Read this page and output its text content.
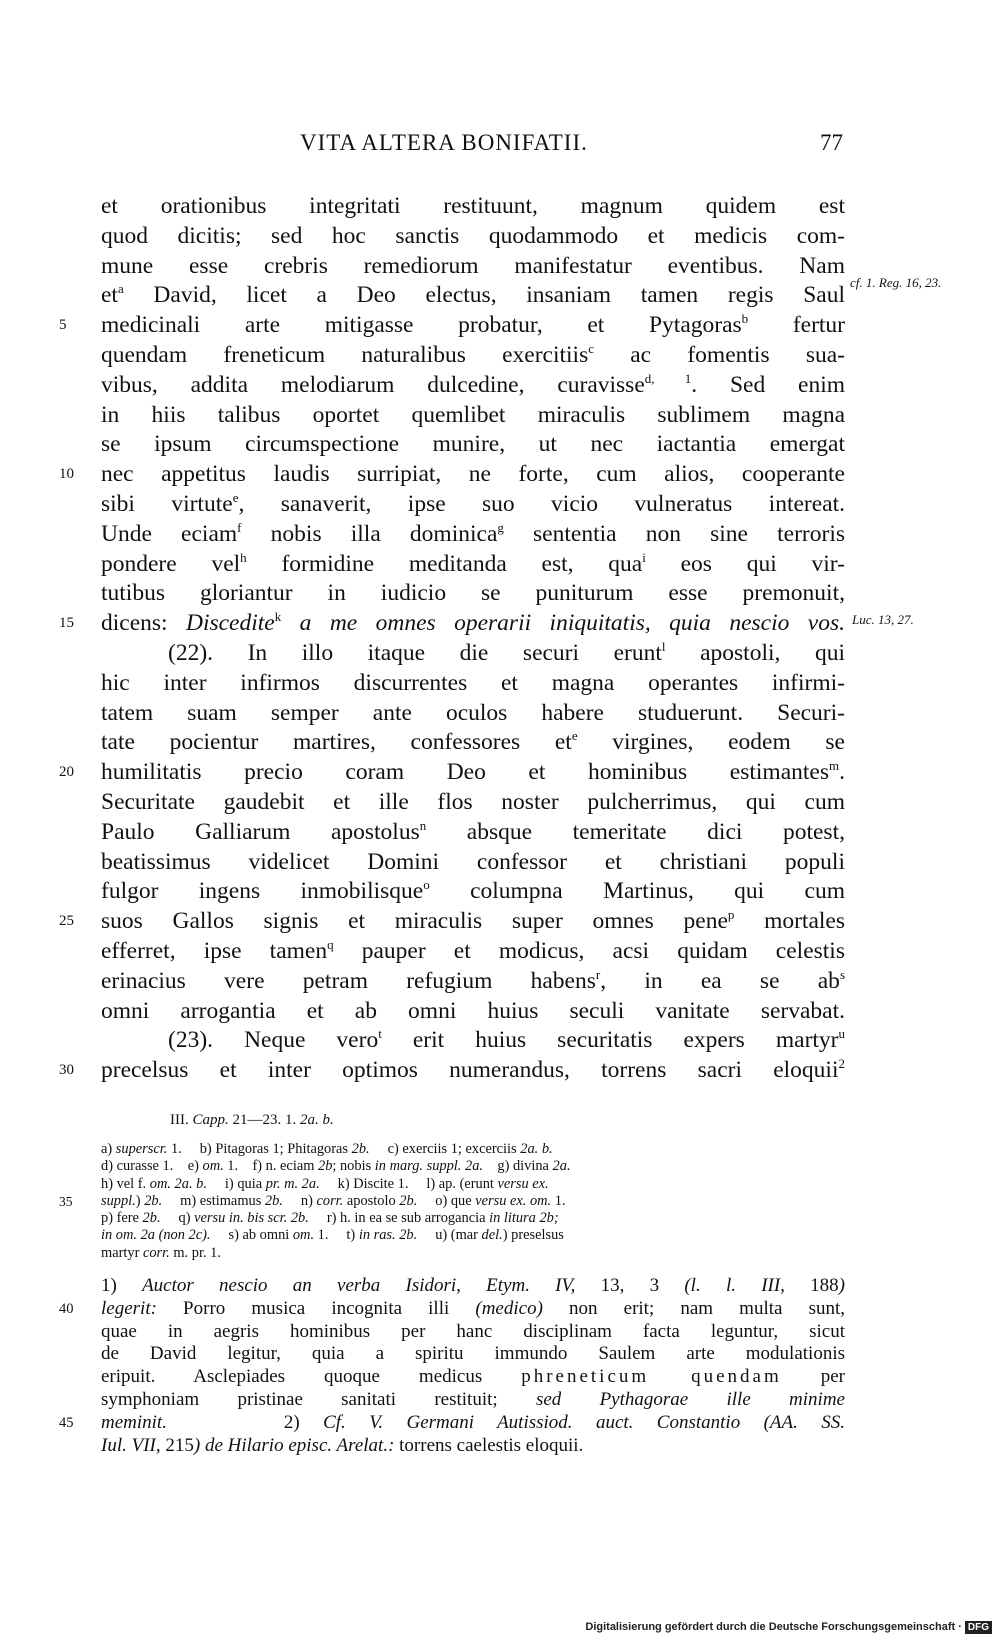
VITA ALTERA BONIFATII.	77
et orationibus integritati restituunt, magnum quidem est
quod dicitis; sed hoc sanctis quodammodo et medicis com-
mune esse crebris remediorum manifestatur eventibus. Nam
$et^a$ David, licet a Deo electus, insaniam tamen regis Saul
5	medicinali arte mitigasse probatur, et Pytagoras$^b$ fertur
quendam freneticum naturalibus exercitiis$^c$ ac fomentis sua-
vibus, addita melodiarum dulcedine, curavisse$^{d, 1}$. Sed enim
in hiis talibus oportet quemlibet miraculis sublimem magna
se ipsum circumspectione munire, ut nec iactantia emergat
10	nec appetitus laudis surripiat, ne forte, cum alios, cooperante
sibi virtute$^e$, sanaverit, ipse suo vicio vulneratus intereat.
Unde eciam$^f$ nobis illa dominica$^g$ sententia non sine terroris
pondere vel$^h$ formidine meditanda est, qua$^i$ eos qui vir-
tutibus gloriantur in iudicio se puniturum esse premonuit,
15	dicens: Discedite$^k$ a me omnes operarii iniquitatis, quia nescio vos.
(22). In illo itaque die securi erunt$^l$ apostoli, qui
hic inter infirmos discurrentes et magna operantes infirmi-
tatem suam semper ante oculos habere studuerunt. Securi-
tate pocientur martires, confessores $et^e$ virgines, eodem se
20	humilitatis precio coram Deo et hominibus estimantes$^m$.
Securitate gaudebit et ille flos noster pulcherrimus, qui cum
Paulo Galliarum apostolus$^n$ absque temeritate dici potest,
beatissimus videlicet Domini confessor et christiani populi
fulgor ingens inmobilisque$^o$ columpna Martinus, qui cum
25	suos Gallos signis et miraculis super omnes pene$^p$ mortales
efferret, ipse tamen$^q$ pauper et modicus, acsi quidam celestis
erinacius vere petram refugium habens$^r$, in ea se $ab^s$
omni arrogantia et ab omni huius seculi vanitate servabat.
(23). Neque vero$^t$ erit huius securitatis expers martyr$^u$
30	precelsus et inter optimos numerandus, torrens sacri eloquii$^2$
cf. 1. Reg. 16, 23.
Luc. 13, 27.
III. Capp. 21—23. 1. 2a. b.
a) superscr. 1.     b) Pitagoras 1; Phitagoras 2b.     c) exerciis 1; excerciis 2a. b.
d) curasse 1.    e) om. 1.    f) n. eciam 2b; nobis in marg. suppl. 2a.    g) divina 2a.
h) vel f. om. 2a. b.     i) quia pr. m. 2a.     k) Discite 1.     l) ap. (erunt versu ex.
35	suppl.) 2b.     m) estimamus 2b.     n) corr. apostolo 2b.     o) que versu ex. om. 1.
p) fere 2b.     q) versu in. bis scr. 2b.     r) h. in ea se sub arrogancia in litura 2b;
in om. 2a (non 2c).     s) ab omni om. 1.     t) in ras. 2b.     u) (mar del.) preselsus
martyr corr. m. pr. 1.
1) Auctor nescio an verba Isidori, Etym. IV, 13, 3 (l. l. III, 188)
40	legerit: Porro musica incognita illi (medico) non erit; nam multa sunt,
quae in aegris hominibus per hanc disciplinam facta leguntur, sicut
de David legitur, quia a spiritu immundo Saulem arte modulationis
eripuit. Asclepiades quoque medicus phreneticum quendam per
symphoniam pristinae sanitati restituit; sed Pythagorae ille minime
45	meminit.     2) Cf. V. Germani Autissiod. auct. Constantio (AA. SS.
Iul. VII, 215) de Hilario episc. Arelat.: torrens caelestis eloquii.
Digitalisierung gefördert durch die Deutsche Forschungsgemeinschaft · DFG
